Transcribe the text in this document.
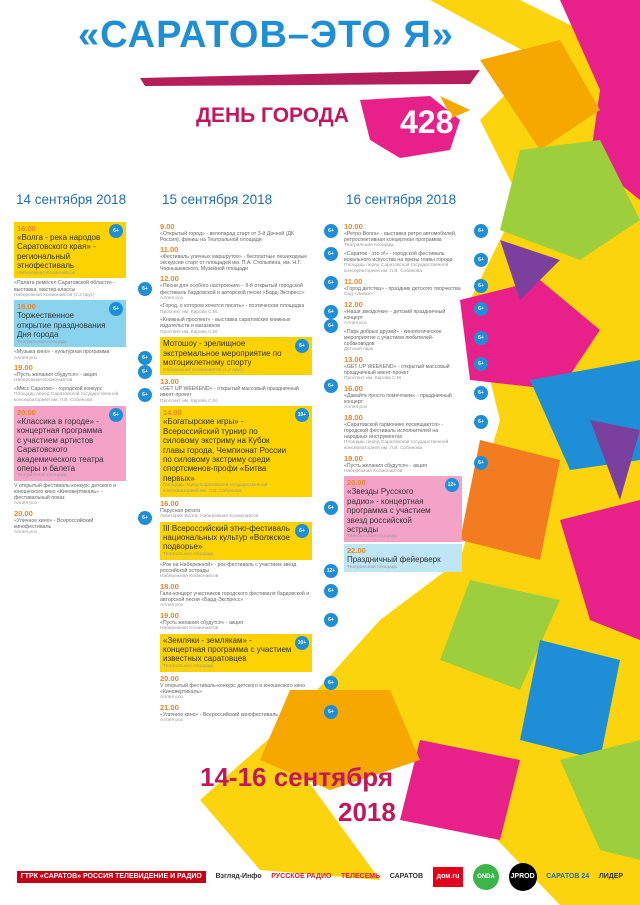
«САРАТОВ–ЭТО Я»
ДЕНЬ ГОРОДА 428
14 сентября 2018	15 сентября 2018	16 сентября 2018
16.00
«Волга - река народов Саратовского края» - региональный этнофестиваль
Набережная Космонавтов
6+
«Палата ремёсел Саратовской области» - выставка, мастер-классы
Набережная Космонавтов (2.3 ярус)
6+
18.00
Торжественное открытие празднования Дня города
Театральная площадь
6+
«Музыка кино» - культурная программа
Аллея роз	6+
19.00
«Пусть желания сбудутся» - акция
Набережная Космонавтов
6+
«Мисс Саратов» - городской конкурс
Площадь перед Саратовской государственной консерваторией им. Л.В. Собинова
6+
20.00
«Классика в городе» - концертная программа с участием артистов Саратовского академического театра оперы и балета
Театральная площадь
6+
V открытый фестиваль-конкурс детского и юношеского кино «Киновертикаль» - фестивальный показ
Аллея роз
20.00
«Уличное кино» - Всероссийский кинофестиваль
Аллея роз
6+
9.00
«Открытый город» - велопарад старт от 3-й Дачной (ДК Россия), финиш на Театральной площади
6+
11.00
«Фестиваль уличных маршрутов» - бесплатные пешеходные экскурсии старт от площадей им. П.А. Столыпина, им. Н.Г. Чернышевского, Музейной площади
6+
12.00
«Песни для особого настроения» - II-й открытый городской фестиваль бардовской и авторской песни «Бард-Экспресс»
Аллея роз
6+
«Город, о котором хочется писать» - поэтическая площадка
Проспект им. Кирова С.М.	6+
«Книжный проспект» - выставка саратовских книжных издательств и магазинов
Проспект им. Кирова С.М.
6+
Мотошоу - зрелищное экстремальное мероприятие по мотоциклетному спорту
Набережная Космонавтов (1.2 ярус)
6+
13.00
«GET UP WEEKEND» - открытый массовый праздничный ивент-проект
Проспект им. Кирова С.М.
6+
14.00
«Богатырские игры» - Всероссийский турнир по силовому экстриму на Кубок главы города, Чемпионат России по силовому экстриму среди спортсменов-профи «Битва первых»
Площадь перед Саратовской государственной консерваторией им. Л.В. Собинова
10+
16.00
Парусная регата
Акватория Волги, Набережная Космонавтов
6+
III Всероссийский этно-фестиваль национальных культур «Волжское подворье»
Театральная площадь
6+
«Рок на Набережной» - рок-фестиваль с участием звезд российской эстрады
Набережная Космонавтов
12+
18.00
Гала-концерт участников городского фестиваля бардовской и авторской песни «Бард-Экспресс»
Аллея роз
6+
19.00
«Пусть желания сбудутся» - акция
Набережная Космонавтов
6+
«Земляки - землякам» - концертная программа с участием известных саратовцев
Театральная площадь
10+
20.00
V открытый фестиваль-конкурс детского и юношеского кино «Киновертикаль»
Аллея роз
6+
21.00
«Уличное кино» - Всероссийский кинофестиваль
Аллея роз
6+
10.00
«Ретро-Волга» - выставка ретро автомобилей, ретроспективная концертная программа
Театральная площадь
6+
«Саратов - это я!» - городской фестиваль вокального искусства на призы главы города
Площадь перед Саратовской государственной консерваторией им. Л.В. Собинова
6+
11.00
«Город детства» - праздник детского творчества
Сад «Липки»
6+
12.00
«Наши звездочки» - детский праздничный концерт
Аллея роз
6+
«Парк добрых друзей» - кинологическое мероприятие с участием любителей-собаководов
Детский парк
6+
13.00
«GET UP WEEKEND» - открытый массовый праздничный ивент-проект
Проспект им. Кирова С.М.
6+
16.00
«Давайте просто помечтаем» - праздничный концерт
Аллея роз
6+
18.00
«Саратовской гармонике посвящается» - городской фестиваль исполнителей на народных инструментах
Площадь перед Саратовской государственной консерваторией им. Л.В. Собинова
6+
19.00
«Пусть желания сбудутся» - акция
Набережная Космонавтов
6+
20.00
«Звезды Русского радио» - концертная программа с участием звезд российской эстрады
Театральная площадь
12+
22.00
Праздничный фейерверк
Театральная площадь
14-16 сентября
2018
ГТРК «САРАТОВ» РОССИЯ ТЕЛЕВИДЕНИЕ И РАДИО	Взгляд-Инфо РУССКОЕ РАДИО ТЕЛЕСЕМЬ САРАТОВ	дом.ru	ONDA	JPROD САРАТОВ 24 ЛИДЕР
